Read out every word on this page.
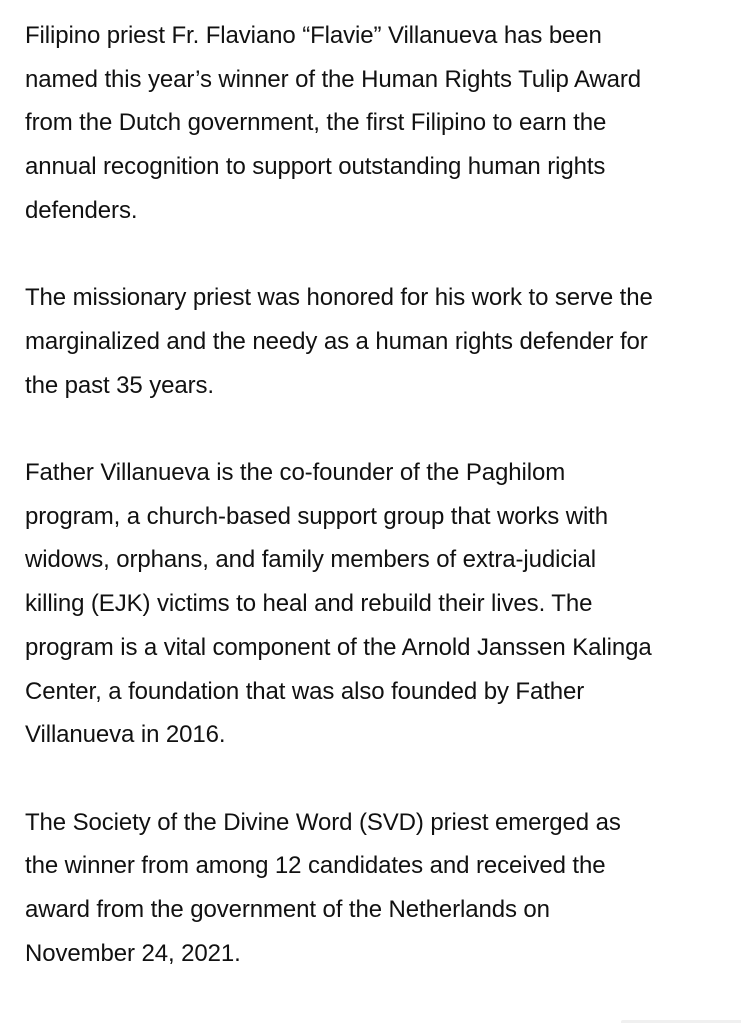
Filipino priest Fr. Flaviano “Flavie” Villanueva has been
named this year’s winner of the Human Rights Tulip Award
from the Dutch government, the first Filipino to earn the
annual recognition to support outstanding human rights
defenders.

The missionary priest was honored for his work to serve the
marginalized and the needy as a human rights defender for
the past 35 years.

Father Villanueva is the co-founder of the Paghilom
program, a church-based support group that works with
widows, orphans, and family members of extra-judicial
killing (EJK) victims to heal and rebuild their lives. The
program is a vital component of the Arnold Janssen Kalinga
Center, a foundation that was also founded by Father
Villanueva in 2016.

The Society of the Divine Word (SVD) priest emerged as
the winner from among 12 candidates and received the
award from the government of the Netherlands on
November 24, 2021.
